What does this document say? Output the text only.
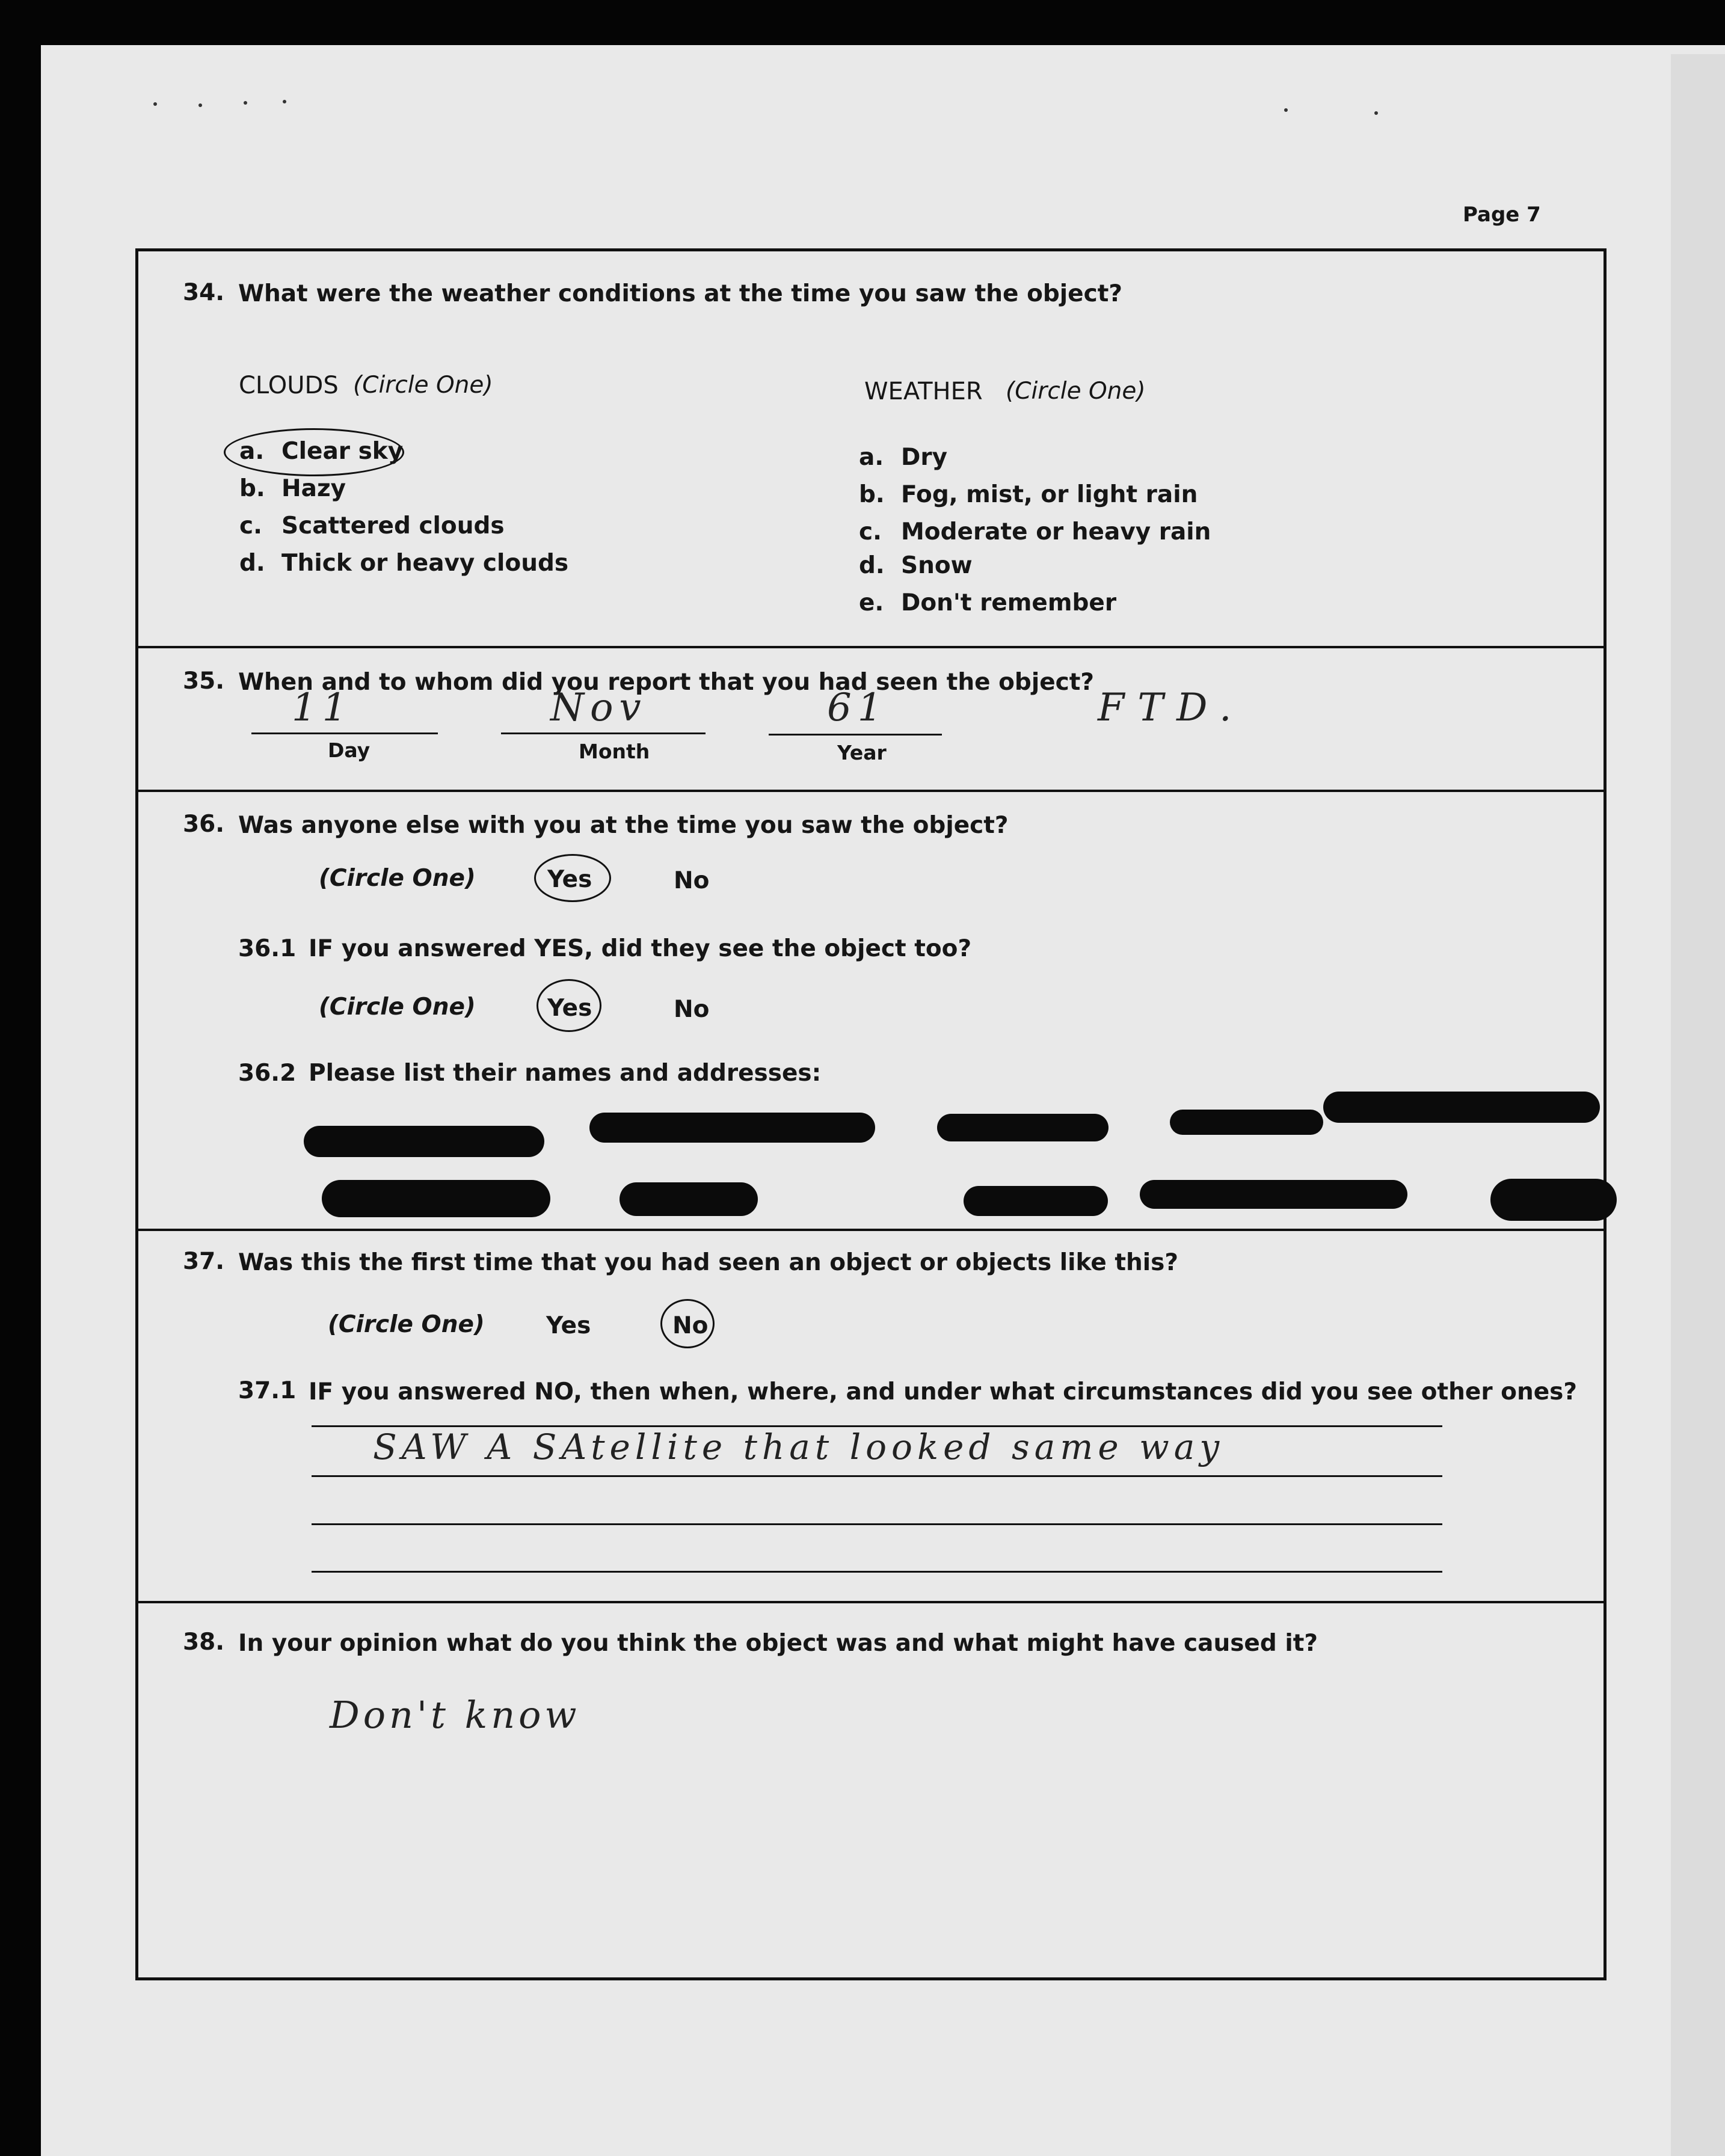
Page 7
34. What were the weather conditions at the time you saw the object?
CLOUDS (Circle One)	WEATHER (Circle One)
a. Clear sky
b. Hazy
c. Scattered clouds
d. Thick or heavy clouds
a. Dry
b. Fog, mist, or light rain
c. Moderate or heavy rain
d. Snow
e. Don't remember
35. When and to whom did you report that you had seen the object?
11
Day
Nov
Month
61
Year
FTD.
36. Was anyone else with you at the time you saw the object?
(Circle One)	Yes	No
36.1 IF you answered YES, did they see the object too?
(Circle One)	Yes	No
36.2 Please list their names and addresses:
37. Was this the first time that you had seen an object or objects like this?
(Circle One)	Yes	No
37.1 IF you answered NO, then when, where, and under what circumstances did you see other ones?
SAW A SAtellite that looked same way
38. In your opinion what do you think the object was and what might have caused it?
Don't know
